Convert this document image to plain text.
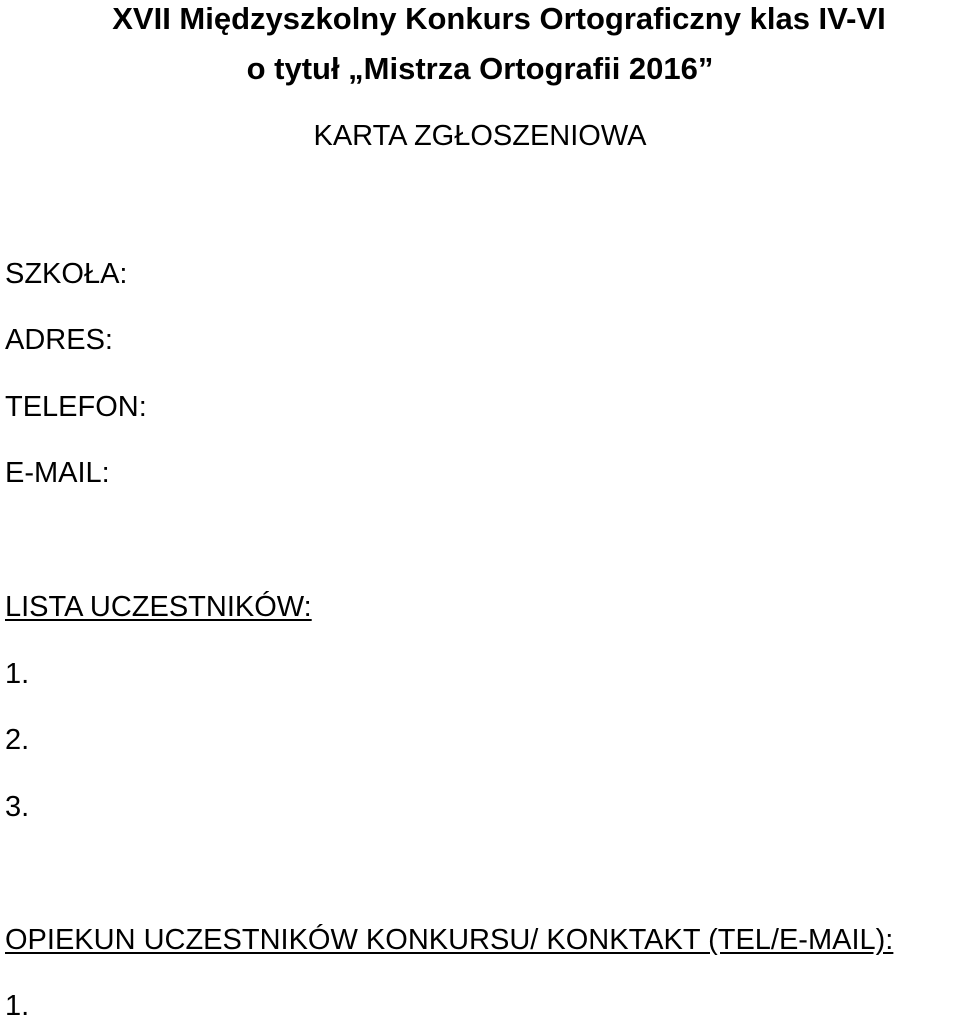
XVII Międzyszkolny Konkurs Ortograficzny klas IV-VI
o tytuł „Mistrza Ortografii 2016”
KARTA ZGŁOSZENIOWA
SZKOŁA:
ADRES:
TELEFON:
E-MAIL:
LISTA UCZESTNIKÓW:
1.
2.
3.
OPIEKUN UCZESTNIKÓW KONKURSU/ KONKTAKT (TEL/E-MAIL):
1.
